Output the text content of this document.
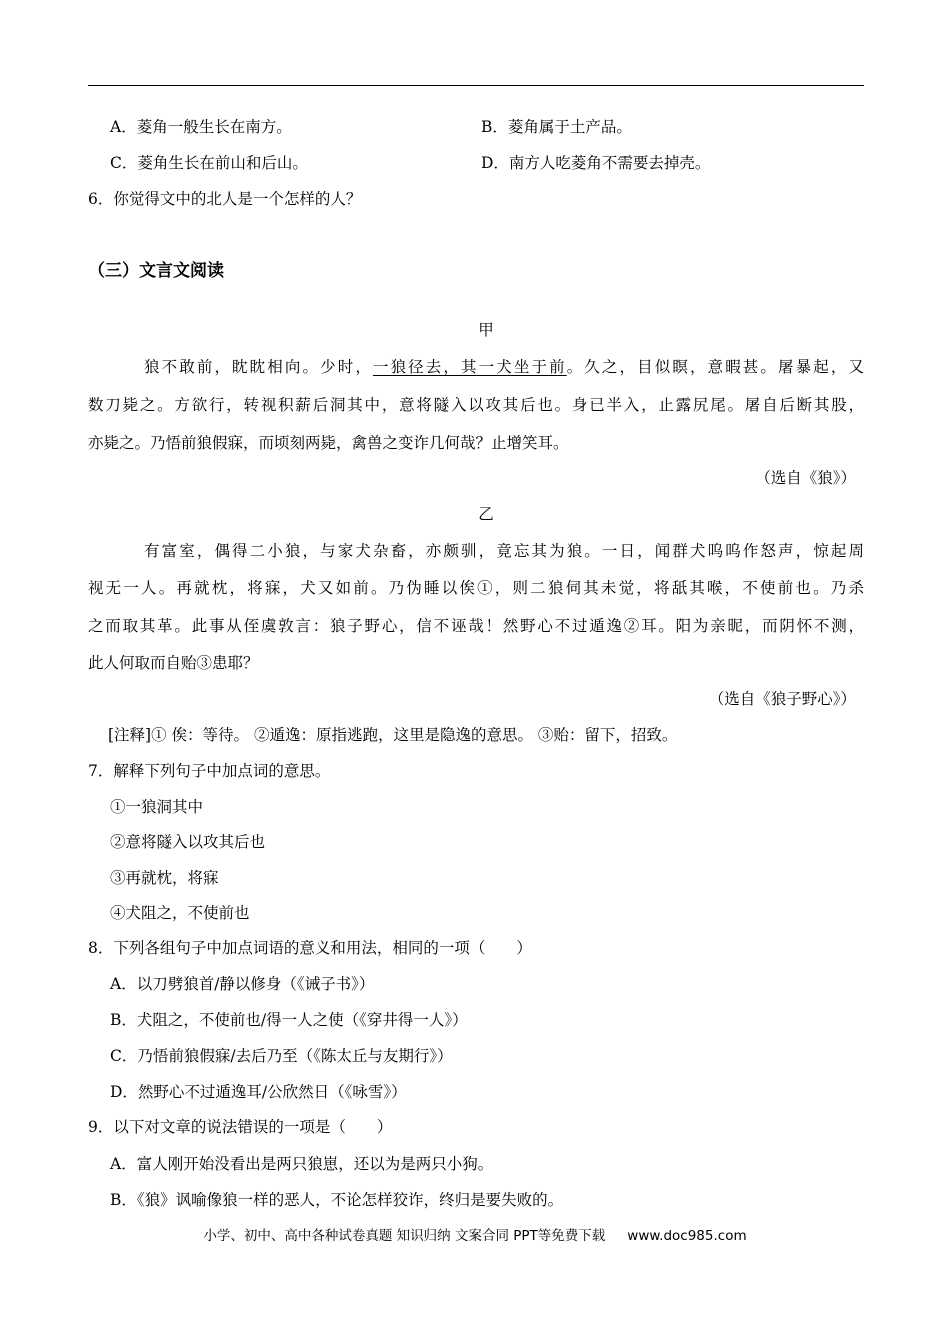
A．菱角一般生长在南方。	B．菱角属于土产品。
C．菱角生长在前山和后山。	D．南方人吃菱角不需要去掉壳。
6．你觉得文中的北人是一个怎样的人？
（三）文言文阅读
甲
狼不敢前，眈眈相向。少时，一狼径去，其一犬坐于前。久之，目似瞑，意暇甚。屠暴起，又
数刀毙之。方欲行，转视积薪后洞其中，意将隧入以攻其后也。身已半入，止露尻尾。屠自后断其股，
亦毙之。乃悟前狼假寐，而顷刻两毙，禽兽之变诈几何哉？止增笑耳。
（选自《狼》）
乙
有富室，偶得二小狼，与家犬杂畜，亦颇驯，竟忘其为狼。一日，闻群犬呜呜作怒声，惊起周
视无一人。再就枕，将寐，犬又如前。乃伪睡以俟①，则二狼伺其未觉，将舐其喉，不使前也。乃杀
之而取其革。此事从侄虞敦言：狼子野心，信不诬哉！然野心不过遁逸②耳。阳为亲昵，而阴怀不测，
此人何取而自贻③患耶？
（选自《狼子野心》）
[注释]① 俟：等待。 ②遁逸：原指逃跑，这里是隐逸的意思。 ③贻：留下，招致。
7．解释下列句子中加点词的意思。
①一狼洞其中
②意将隧入以攻其后也
③再就枕，将寐
④犬阻之，不使前也
8．下列各组句子中加点词语的意义和用法，相同的一项（　　）
A．以刀劈狼首/静以修身（《诫子书》）
B．犬阻之，不使前也/得一人之使（《穿井得一人》）
C．乃悟前狼假寐/去后乃至（《陈太丘与友期行》）
D．然野心不过遁逸耳/公欣然日（《咏雪》）
9．以下对文章的说法错误的一项是（　　）
A．富人刚开始没看出是两只狼崽，还以为是两只小狗。
B．《狼》讽喻像狼一样的恶人，不论怎样狡诈，终归是要失败的。
小学、初中、高中各种试卷真题 知识归纳 文案合同 PPT等免费下载 www.doc985.com
